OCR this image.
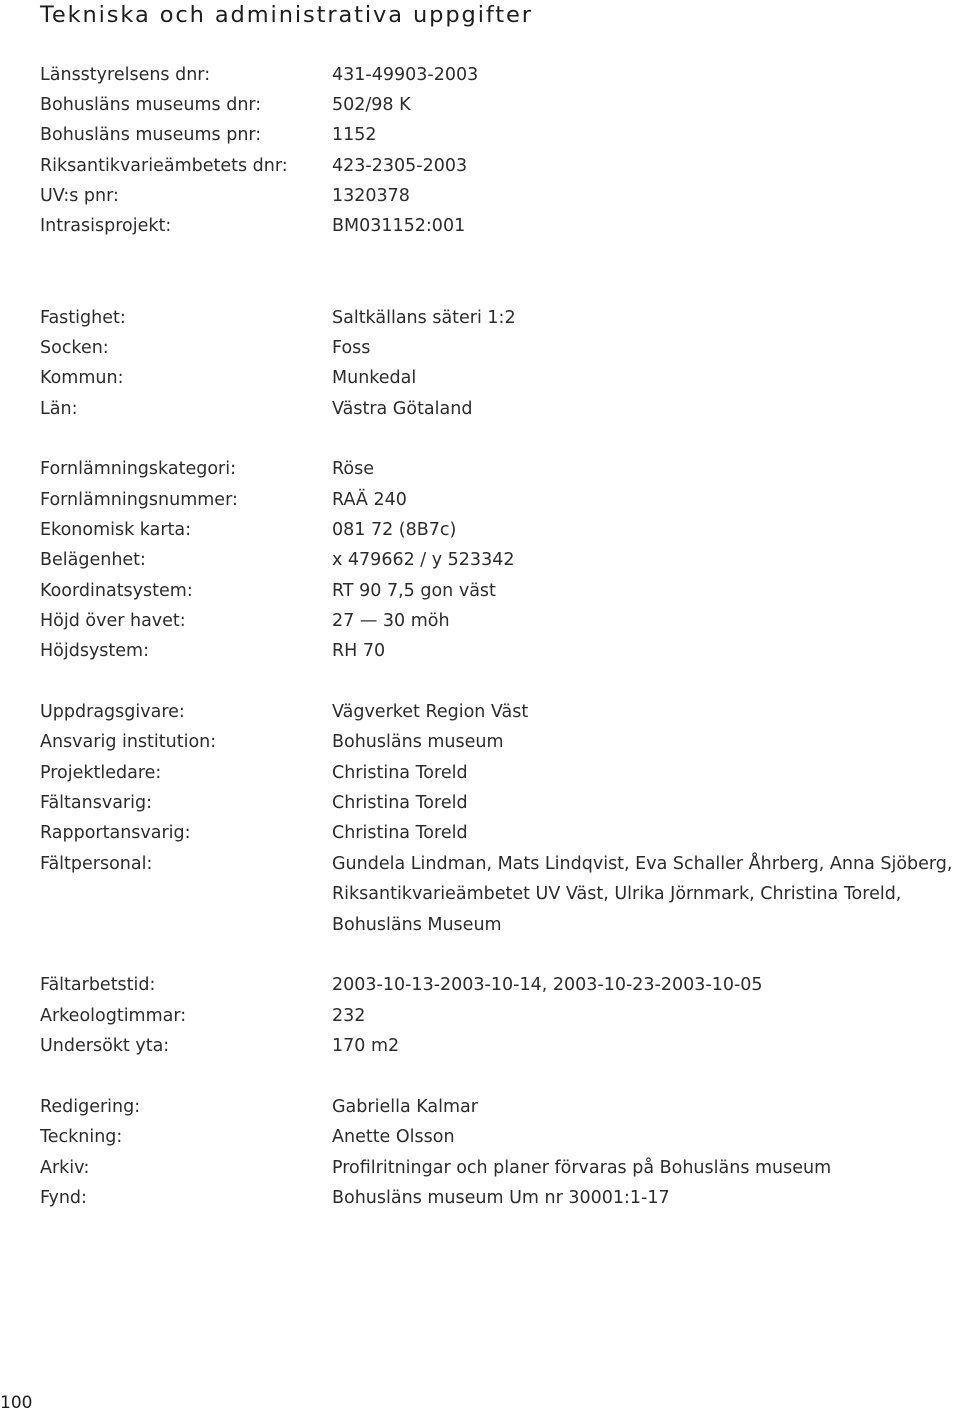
Tekniska och administrativa uppgifter
Länsstyrelsens dnr:	431-49903-2003
Bohusläns museums dnr:	502/98 K
Bohusläns museums pnr:	1152
Riksantikvarieämbetets dnr:	423-2305-2003
UV:s pnr:	1320378
Intrasisprojekt:	BM031152:001
Fastighet:	Saltkällans säteri 1:2
Socken:	Foss
Kommun:	Munkedal
Län:	Västra Götaland
Fornlämningskategori:	Röse
Fornlämningsnummer:	RAÄ 240
Ekonomisk karta:	081 72 (8B7c)
Belägenhet:	x 479662 / y 523342
Koordinatsystem:	RT 90 7,5 gon väst
Höjd över havet:	27 — 30 möh
Höjdsystem:	RH 70
Uppdragsgivare:	Vägverket Region Väst
Ansvarig institution:	Bohusläns museum
Projektledare:	Christina Toreld
Fältansvarig:	Christina Toreld
Rapportansvarig:	Christina Toreld
Fältpersonal:	Gundela Lindman, Mats Lindqvist, Eva Schaller Åhrberg, Anna Sjöberg, Riksantikvarieämbetet UV Väst, Ulrika Jörnmark, Christina Toreld, Bohusläns Museum
Fältarbetstid:	2003-10-13-2003-10-14, 2003-10-23-2003-10-05
Arkeologtimmar:	232
Undersökt yta:	170 m2
Redigering:	Gabriella Kalmar
Teckning:	Anette Olsson
Arkiv:	Profilritningar och planer förvaras på Bohusläns museum
Fynd:	Bohusläns museum Um nr 30001:1-17
100
